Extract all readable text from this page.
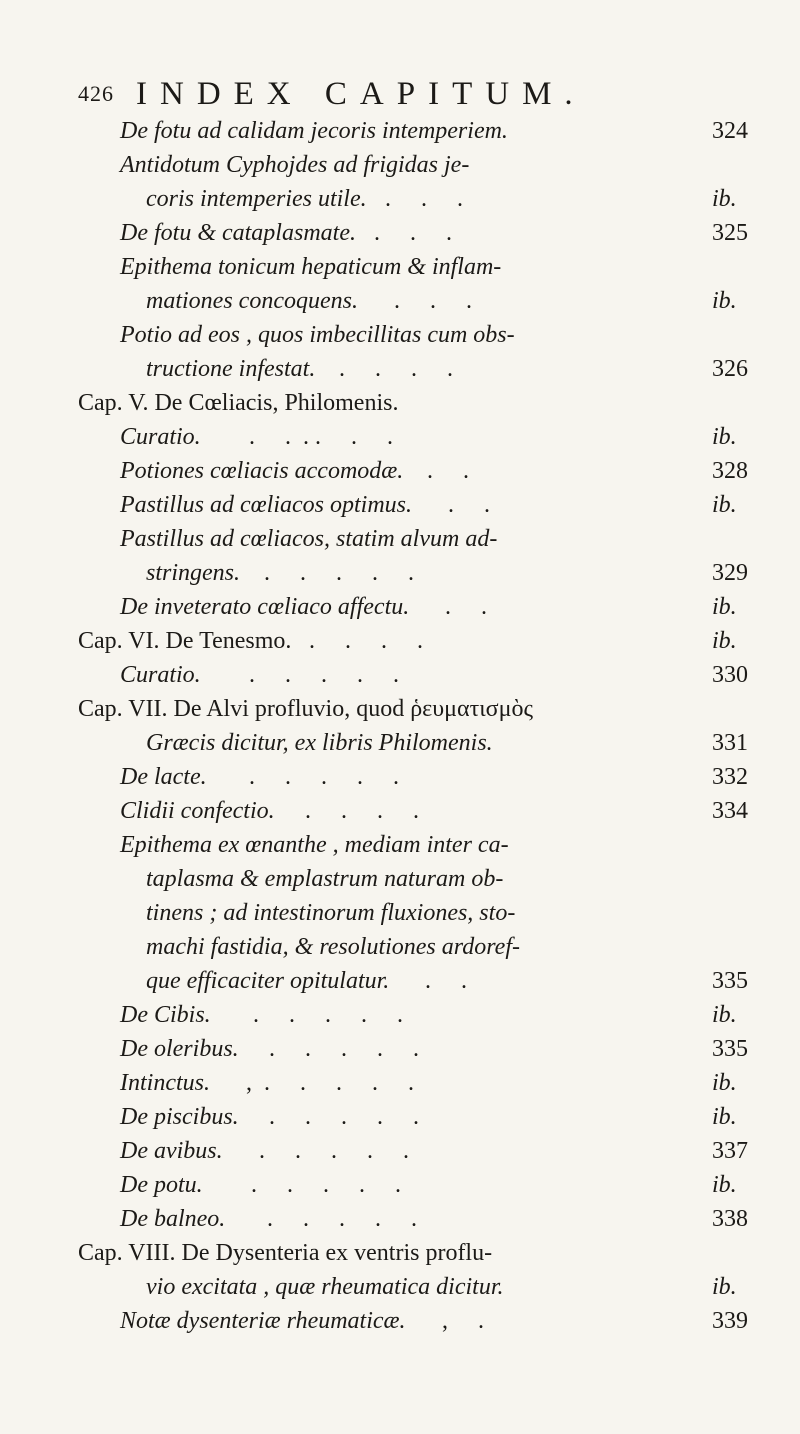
426 INDEX CAPITUM.
De fotu ad calidam jecoris intemperiem.	324
Antidotum Cyphojdes ad frigidas je-
coris intemperies utile. .     .     .	ib.
De fotu & cataplasmate. .     .     .	325
Epithema tonicum hepaticum & inflam-
mationes concoquens. .     .     .	ib.
Potio ad eos , quos imbecillitas cum obs-
tructione infestat. .     .     .     .	326
Cap. V. De Cœliacis, Philomenis.
Curatio. .     .  . .     .     .	ib.
Potiones cœliacis accomodæ. .     .	328
Pastillus ad cœliacos optimus. .     .	ib.
Pastillus ad cœliacos, statim alvum ad-
stringens. .     .     .     .     .	329
De inveterato cœliaco affectu. .     .	ib.
Cap. VI. De Tenesmo. .     .     .     .	ib.
Curatio. .     .     .     .     .	330
Cap. VII. De Alvi profluvio, quod ῥευματισμὸς
Græcis dicitur, ex libris Philomenis.	331
De lacte. .     .     .     .     .	332
Clidii confectio. .     .     .     .	334
Epithema ex œnanthe , mediam inter ca-
taplasma & emplastrum naturam ob-
tinens ; ad intestinorum fluxiones, sto-
machi fastidia, & resolutiones ardoref-
que efficaciter opitulatur. .     .	335
De Cibis. .     .     .     .     .	ib.
De oleribus. .     .     .     .     .	335
Intinctus. ,  .     .     .     .     .	ib.
De piscibus. .     .     .     .     .	ib.
De avibus. .     .     .     .     .	337
De potu. .     .     .     .     .	ib.
De balneo. .     .     .     .     .	338
Cap. VIII. De Dysenteria ex ventris proflu-
vio excitata , quæ rheumatica dicitur.	ib.
Notæ dysenteriæ rheumaticæ. ,     .	339
